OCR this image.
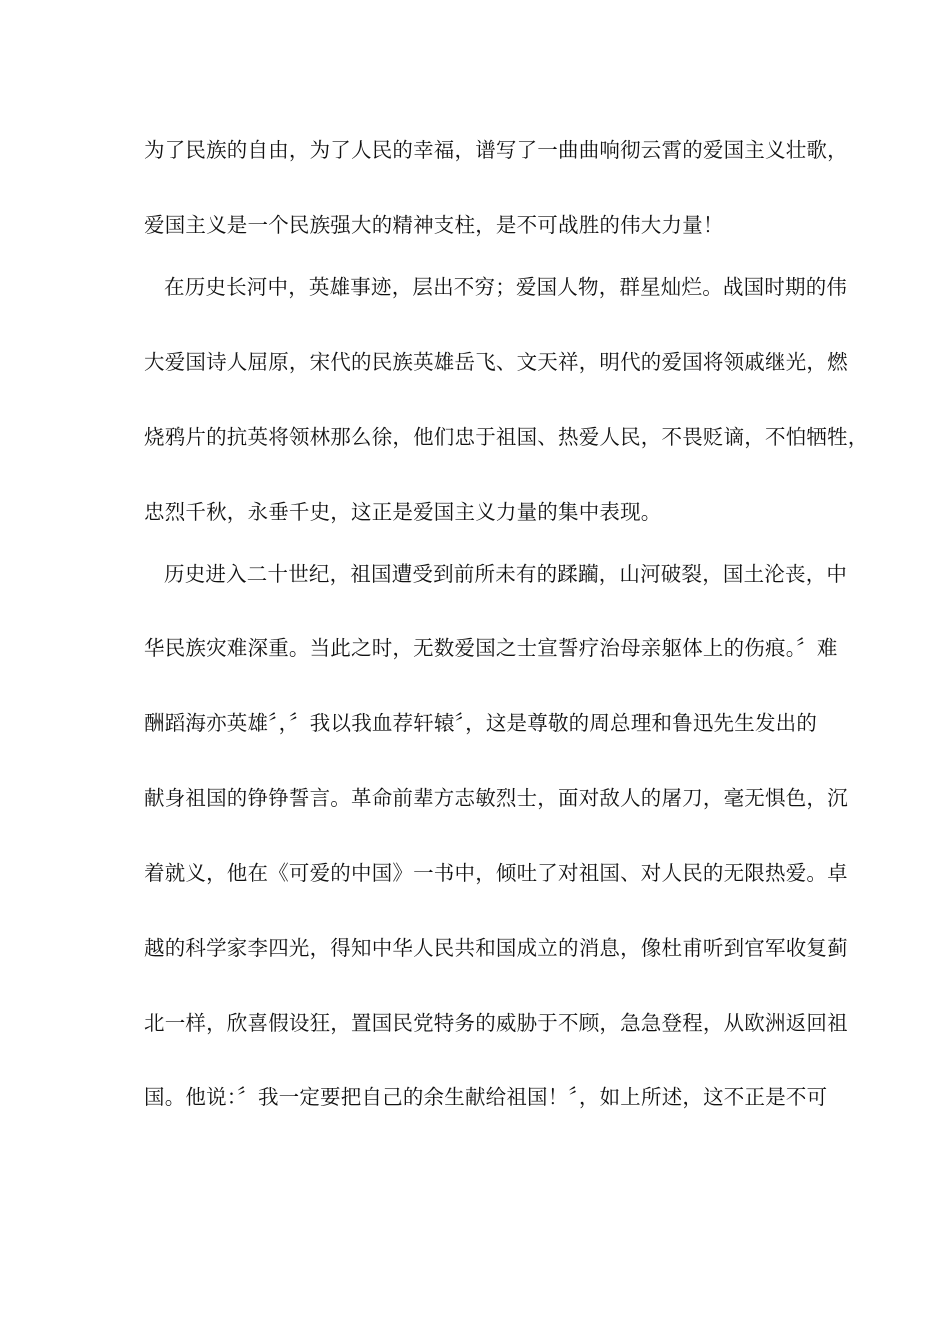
为了民族的自由，为了人民的幸福，谱写了一曲曲响彻云霄的爱国主义壮歌，
爱国主义是一个民族强大的精神支柱，是不可战胜的伟大力量！
在历史长河中，英雄事迹，层出不穷；爱国人物，群星灿烂。战国时期的伟
大爱国诗人屈原，宋代的民族英雄岳飞、文天祥，明代的爱国将领戚继光，燃
烧鸦片的抗英将领林那么徐，他们忠于祖国、热爱人民，不畏贬谪，不怕牺牲，
忠烈千秋，永垂千史，这正是爱国主义力量的集中表现。
历史进入二十世纪，祖国遭受到前所未有的蹂躏，山河破裂，国土沦丧，中
华民族灾难深重。当此之时，无数爱国之士宣誓疗治母亲躯体上的伤痕。〞难
酬蹈海亦英雄〞，〞我以我血荐轩辕〞，这是尊敬的周总理和鲁迅先生发出的
献身祖国的铮铮誓言。革命前辈方志敏烈士，面对敌人的屠刀，毫无惧色，沉
着就义，他在《可爱的中国》一书中，倾吐了对祖国、对人民的无限热爱。卓
越的科学家李四光，得知中华人民共和国成立的消息，像杜甫听到官军收复蓟
北一样，欣喜假设狂，置国民党特务的威胁于不顾，急急登程，从欧洲返回祖
国。他说：〞我一定要把自己的余生献给祖国！〞，如上所述，这不正是不可
